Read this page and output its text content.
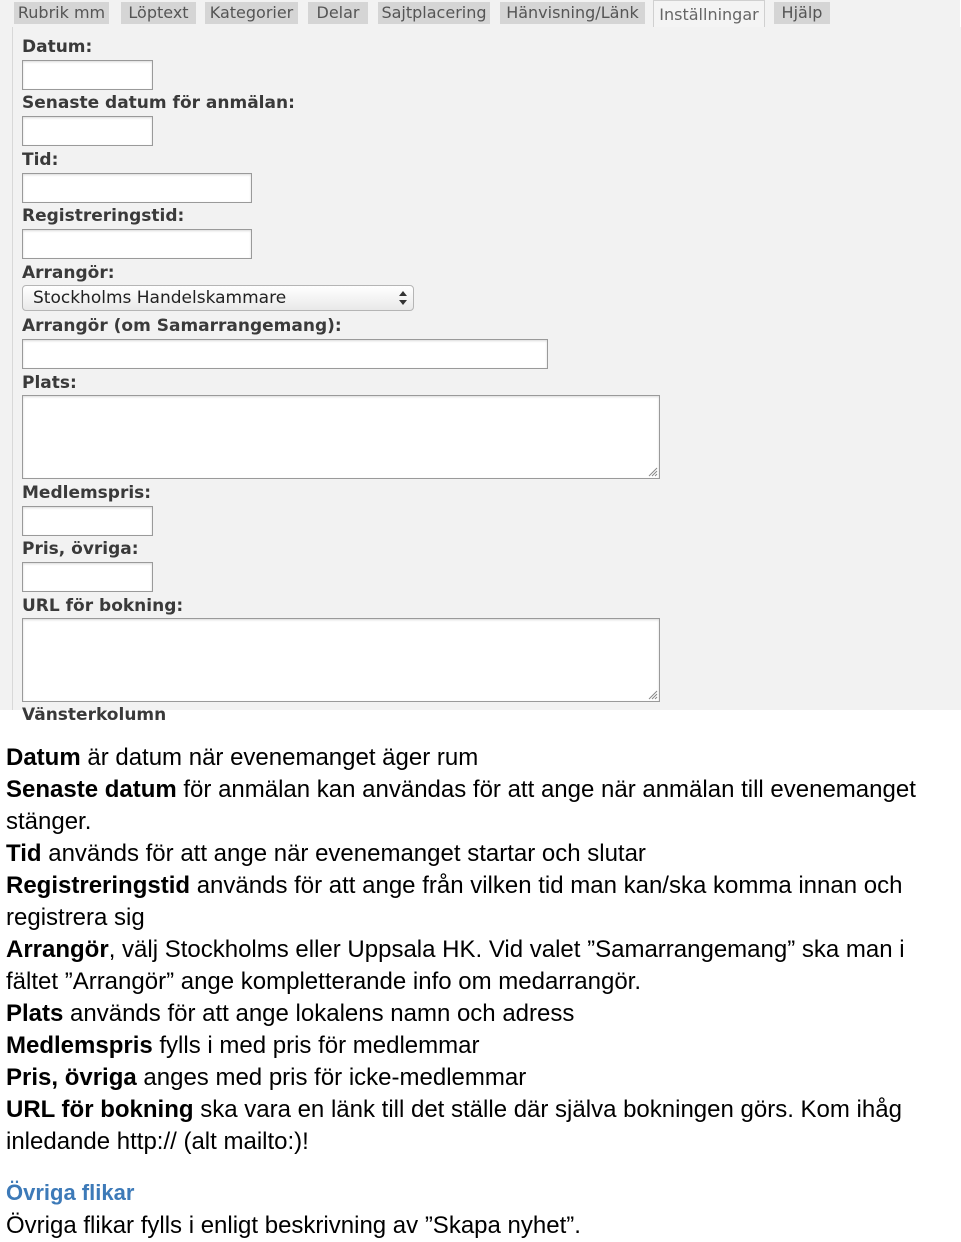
Rubrik mm	Löptext	Kategorier	Delar	Sajtplacering	Hänvisning/Länk	Inställningar	Hjälp
Datum:
Senaste datum för anmälan:
Tid:
Registreringstid:
Arrangör:
Stockholms Handelskammare
Arrangör (om Samarrangemang):
Plats:
Medlemspris:
Pris, övriga:
URL för bokning:
Vänsterkolumn

Datum är datum när evenemanget äger rum

Senaste datum för anmälan kan användas för att ange när anmälan till evenemanget stänger.

Tid används för att ange när evenemanget startar och slutar

Registreringstid används för att ange från vilken tid man kan/ska komma innan och registrera sig

Arrangör, välj Stockholms eller Uppsala HK. Vid valet ”Samarrangemang” ska man i fältet ”Arrangör” ange kompletterande info om medarrangör.

Plats används för att ange lokalens namn och adress

Medlemspris fylls i med pris för medlemmar

Pris, övriga anges med pris för icke-medlemmar

URL för bokning ska vara en länk till det ställe där själva bokningen görs. Kom ihåg inledande http:// (alt mailto:)!

Övriga flikar
Övriga flikar fylls i enligt beskrivning av ”Skapa nyhet”.
